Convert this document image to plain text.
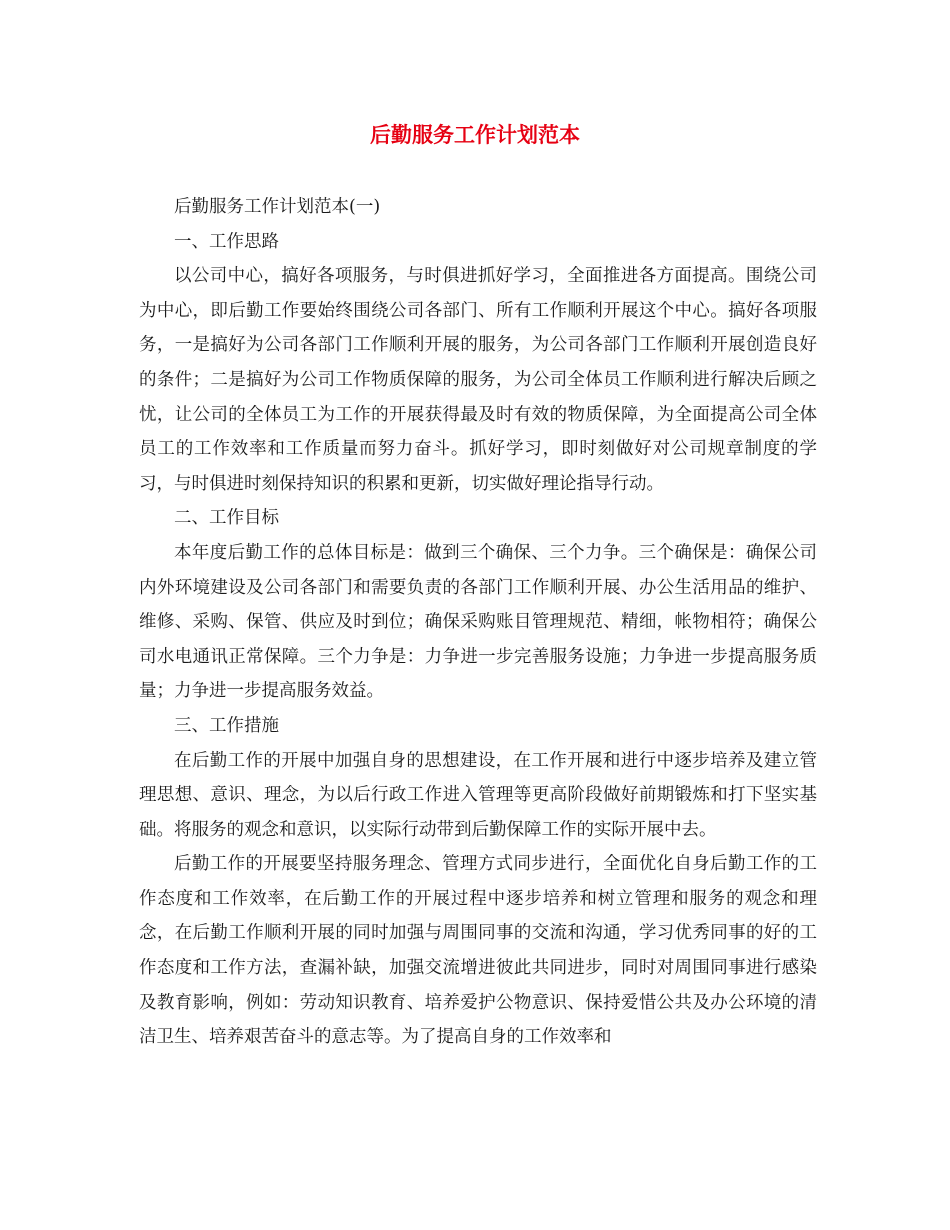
后勤服务工作计划范本

后勤服务工作计划范本(一)

一、工作思路

以公司中心，搞好各项服务，与时俱进抓好学习，全面推进各方面提高。围绕公司为中心，即后勤工作要始终围绕公司各部门、所有工作顺利开展这个中心。搞好各项服务，一是搞好为公司各部门工作顺利开展的服务，为公司各部门工作顺利开展创造良好的条件；二是搞好为公司工作物质保障的服务，为公司全体员工作顺利进行解决后顾之忧，让公司的全体员工为工作的开展获得最及时有效的物质保障，为全面提高公司全体员工的工作效率和工作质量而努力奋斗。抓好学习，即时刻做好对公司规章制度的学习，与时俱进时刻保持知识的积累和更新，切实做好理论指导行动。

二、工作目标

本年度后勤工作的总体目标是：做到三个确保、三个力争。三个确保是：确保公司内外环境建设及公司各部门和需要负责的各部门工作顺利开展、办公生活用品的维护、维修、采购、保管、供应及时到位；确保采购账目管理规范、精细，帐物相符；确保公司水电通讯正常保障。三个力争是：力争进一步完善服务设施；力争进一步提高服务质量；力争进一步提高服务效益。

三、工作措施

在后勤工作的开展中加强自身的思想建设，在工作开展和进行中逐步培养及建立管理思想、意识、理念，为以后行政工作进入管理等更高阶段做好前期锻炼和打下坚实基础。将服务的观念和意识，以实际行动带到后勤保障工作的实际开展中去。

后勤工作的开展要坚持服务理念、管理方式同步进行，全面优化自身后勤工作的工作态度和工作效率，在后勤工作的开展过程中逐步培养和树立管理和服务的观念和理念，在后勤工作顺利开展的同时加强与周围同事的交流和沟通，学习优秀同事的好的工作态度和工作方法，查漏补缺，加强交流增进彼此共同进步，同时对周围同事进行感染及教育影响，例如：劳动知识教育、培养爱护公物意识、保持爱惜公共及办公环境的清洁卫生、培养艰苦奋斗的意志等。为了提高自身的工作效率和
